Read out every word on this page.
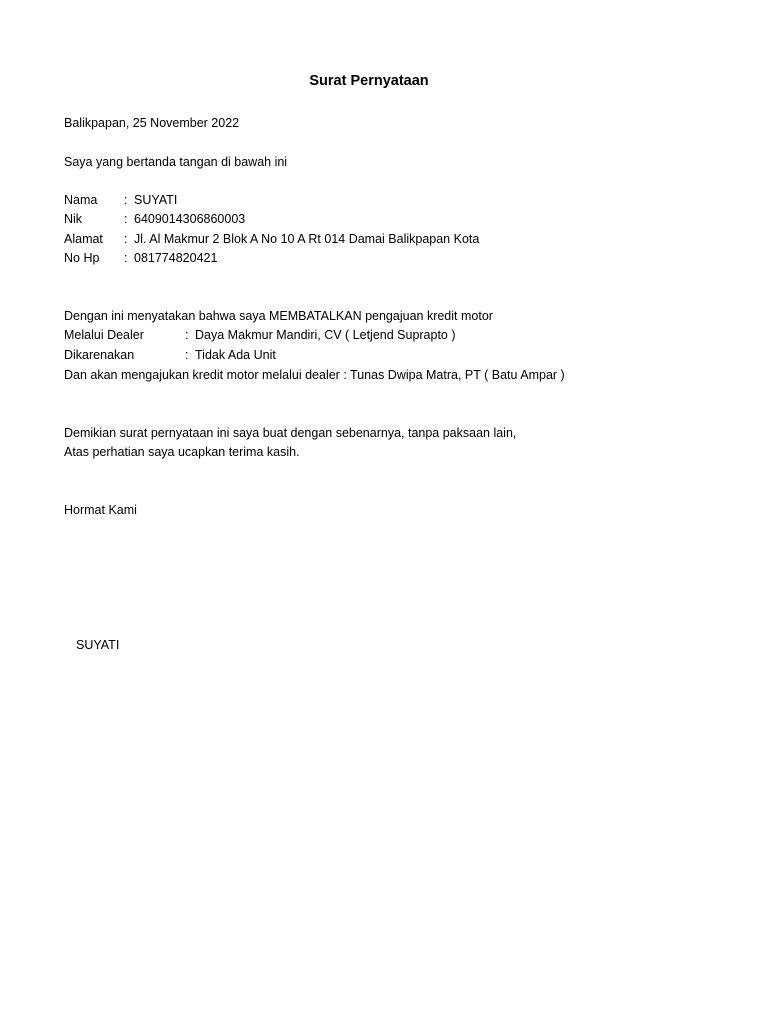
Surat Pernyataan
Balikpapan, 25 November 2022
Saya yang bertanda tangan di bawah ini
Nama : SUYATI
Nik	: 6409014306860003
Alamat : Jl. Al Makmur 2 Blok A No 10 A Rt 014 Damai Balikpapan Kota
No Hp : 081774820421
Dengan ini menyatakan bahwa saya MEMBATALKAN pengajuan kredit motor
Melalui Dealer	: Daya Makmur Mandiri, CV ( Letjend Suprapto )
Dikarenakan	: Tidak Ada Unit
Dan akan mengajukan kredit motor melalui dealer : Tunas Dwipa Matra, PT ( Batu Ampar )
Demikian surat pernyataan ini saya buat dengan sebenarnya, tanpa paksaan lain,
Atas perhatian saya ucapkan terima kasih.
Hormat Kami
SUYATI
